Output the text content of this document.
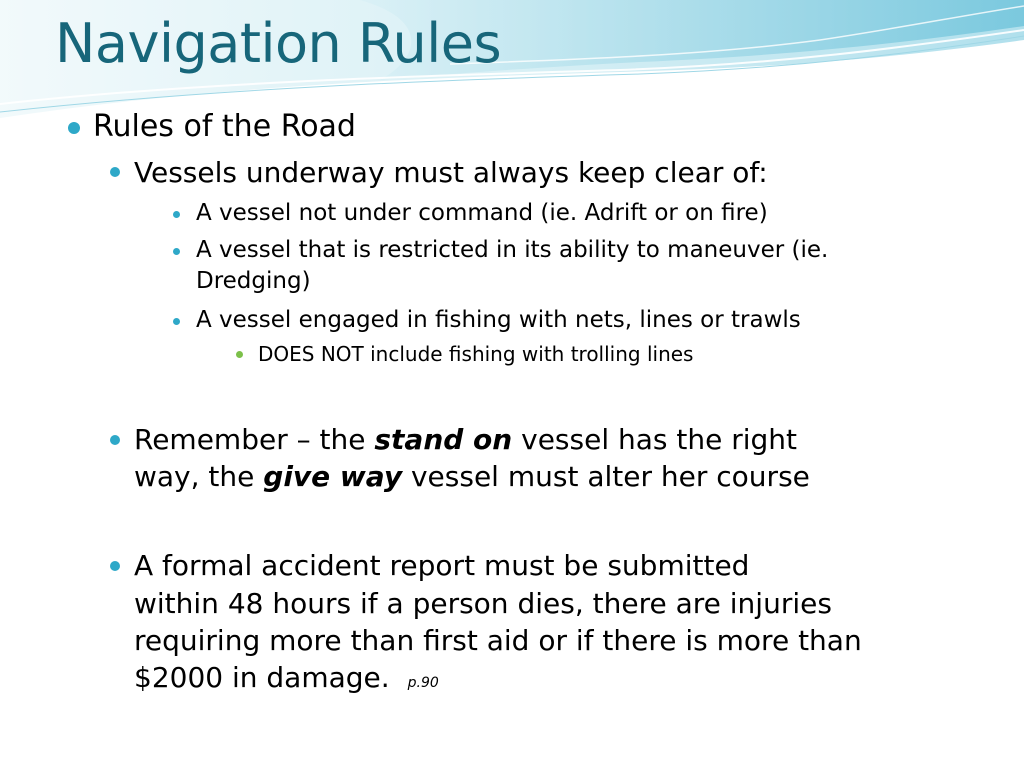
Navigation Rules
Rules of the Road
Vessels underway must always keep clear of:
A vessel not under command (ie. Adrift or on fire)
A vessel that is restricted in its ability to maneuver (ie.
Dredging)
A vessel engaged in fishing with nets, lines or trawls
DOES NOT include fishing with trolling lines
Remember – the stand on vessel has the right
way, the give way vessel must alter her course
A formal accident report must be submitted
within 48 hours if a person dies, there are injuries
requiring more than first aid or if there is more than
$2000 in damage. p.90
